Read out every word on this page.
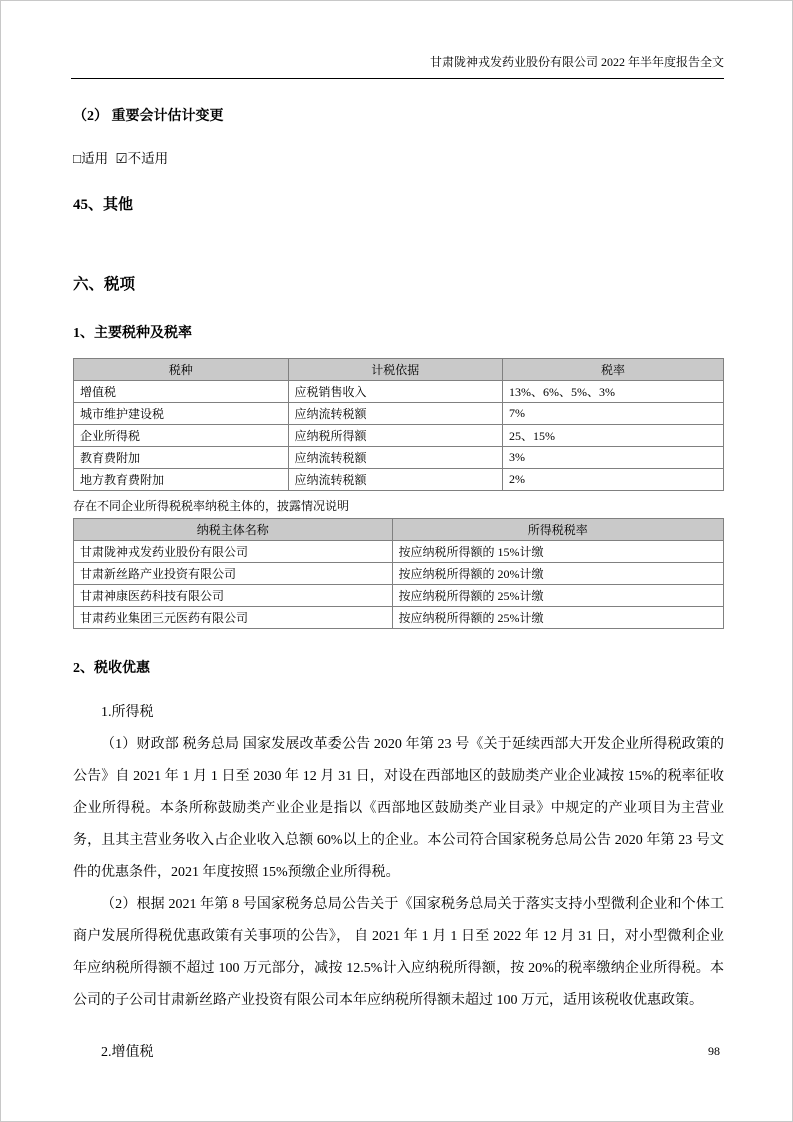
甘肃陇神戎发药业股份有限公司 2022 年半年度报告全文
（2） 重要会计估计变更
□适用 ☑不适用
45、其他
六、税项
1、主要税种及税率
税种	计税依据	税率
增值税	应税销售收入	13%、6%、5%、3%
城市维护建设税	应纳流转税额	7%
企业所得税	应纳税所得额	25、15%
教育费附加	应纳流转税额	3%
地方教育费附加	应纳流转税额	2%
存在不同企业所得税税率纳税主体的，披露情况说明
纳税主体名称	所得税税率
甘肃陇神戎发药业股份有限公司	按应纳税所得额的 15%计缴
甘肃新丝路产业投资有限公司	按应纳税所得额的 20%计缴
甘肃神康医药科技有限公司	按应纳税所得额的 25%计缴
甘肃药业集团三元医药有限公司	按应纳税所得额的 25%计缴
2、税收优惠
1.所得税

（1）财政部 税务总局 国家发展改革委公告 2020 年第 23 号《关于延续西部大开发企业所得税政策的公告》自 2021 年 1 月 1 日至 2030 年 12 月 31 日，对设在西部地区的鼓励类产业企业减按 15%的税率征收企业所得税。本条所称鼓励类产业企业是指以《西部地区鼓励类产业目录》中规定的产业项目为主营业务，且其主营业务收入占企业收入总额 60%以上的企业。本公司符合国家税务总局公告 2020 年第 23 号文件的优惠条件，2021 年度按照 15%预缴企业所得税。

（2）根据 2021 年第 8 号国家税务总局公告关于《国家税务总局关于落实支持小型微利企业和个体工商户发展所得税优惠政策有关事项的公告》， 自 2021 年 1 月 1 日至 2022 年 12 月 31 日，对小型微利企业年应纳税所得额不超过 100 万元部分，减按 12.5%计入应纳税所得额，按 20%的税率缴纳企业所得税。本公司的子公司甘肃新丝路产业投资有限公司本年应纳税所得额未超过 100 万元，适用该税收优惠政策。

2.增值税	98
